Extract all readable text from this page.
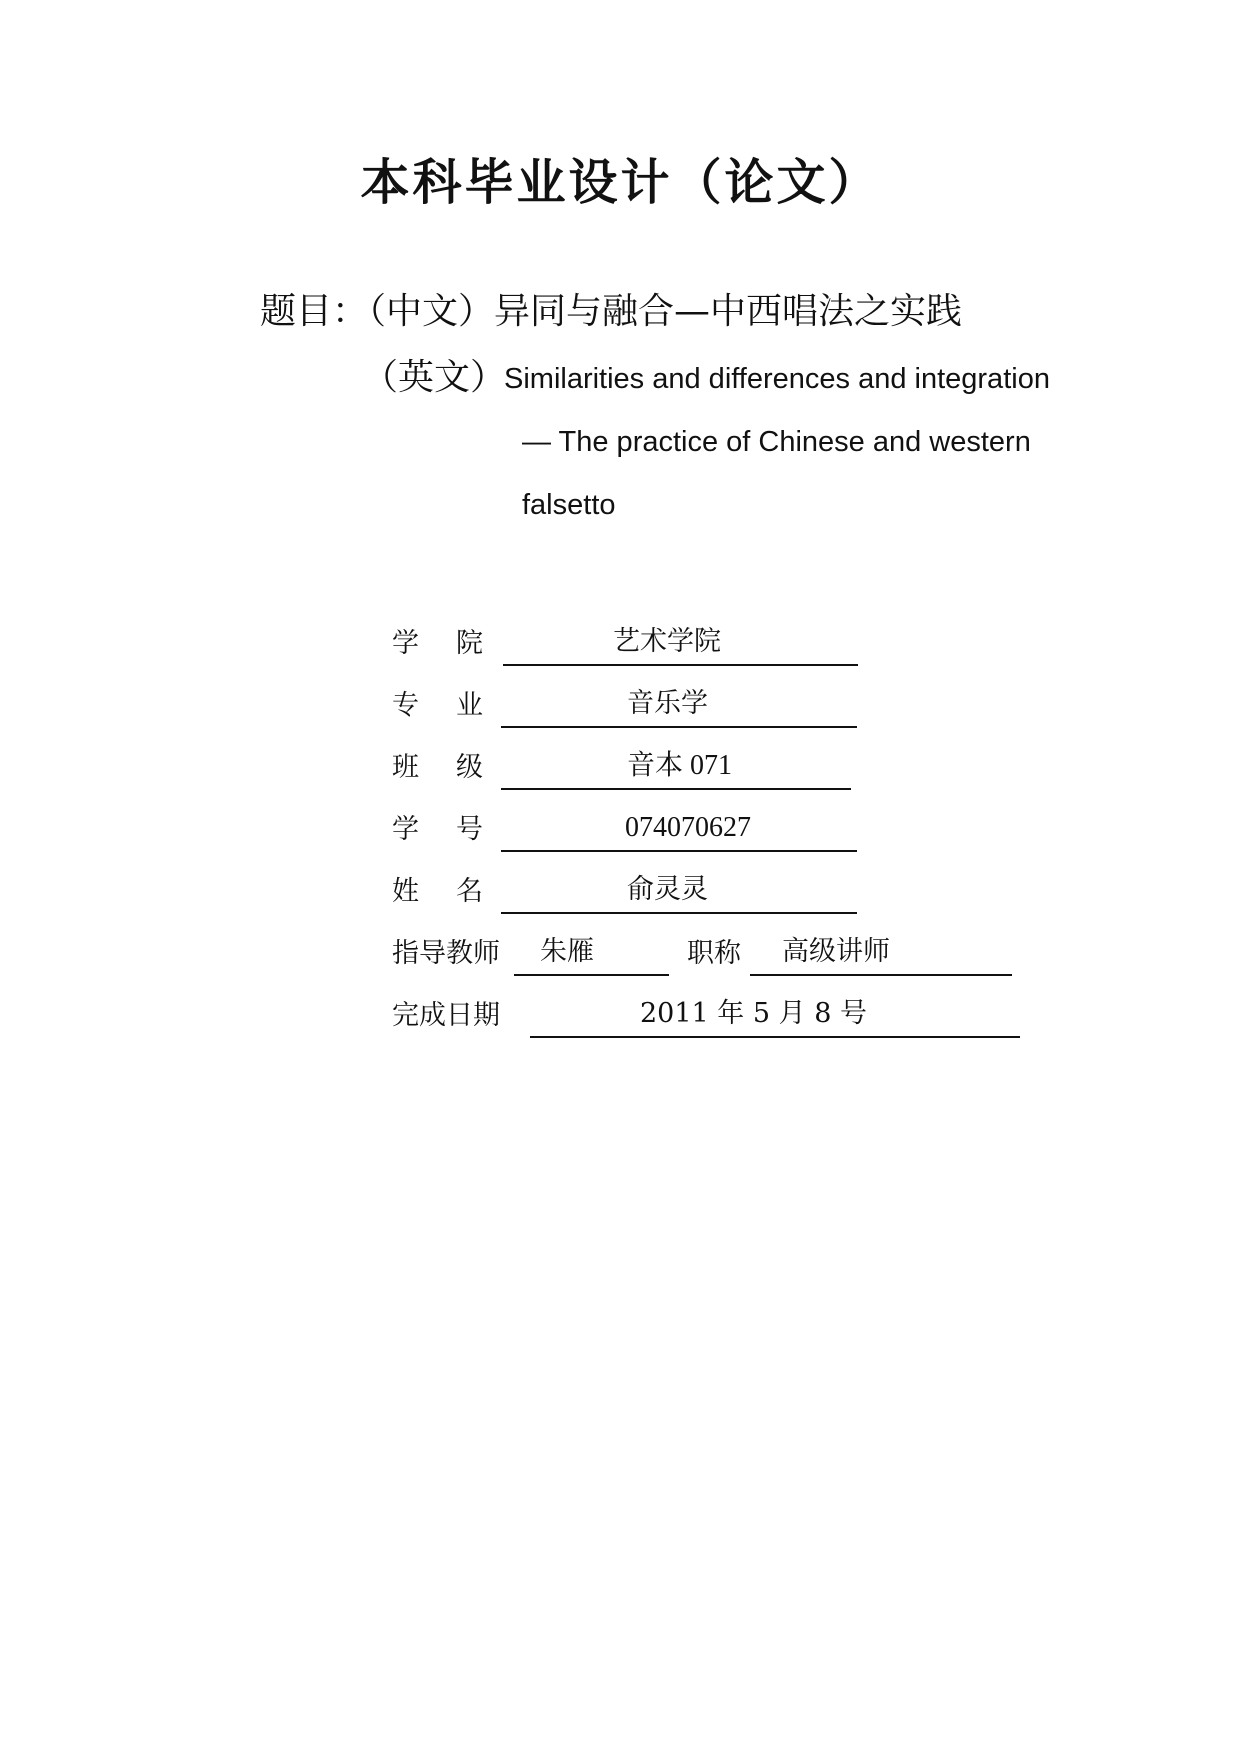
本科毕业设计（论文）
题目：（中文）异同与融合—中西唱法之实践
（英文）
Similarities and differences and integration
— The practice of Chinese and western
falsetto
学 院	艺术学院
专 业	音乐学
班 级	音本 071
学 号	074070627
姓 名	俞灵灵
指导教师 朱雁	职称 高级讲师
完成日期	2011 年 5 月 8 号
